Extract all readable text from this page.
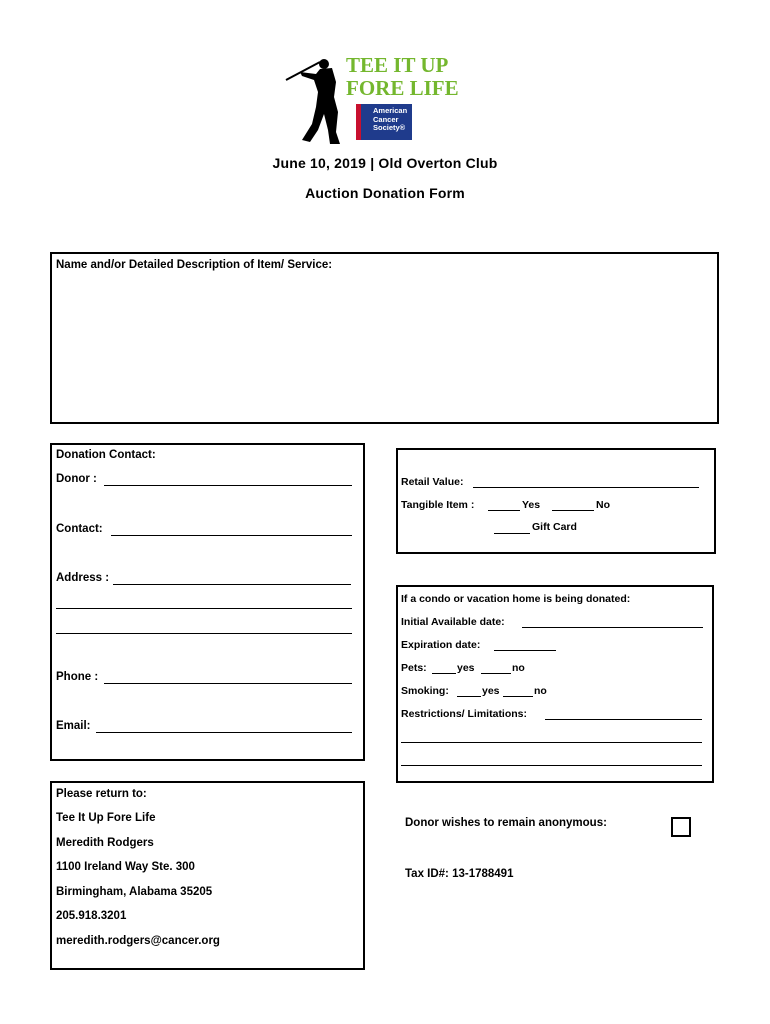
TEE IT UP
FORE LIFE
American
Cancer
Society®
June 10, 2019 | Old Overton Club
Auction Donation Form
Name and/or Detailed Description of Item/ Service:
Donation Contact:
Donor :
Contact:
Address :
Phone :
Email:
Retail Value:
Tangible Item :	Yes	No
Gift Card
If a condo or vacation home is being donated:
Initial Available date:
Expiration date:
Pets:	yes	no
Smoking:	yes	no
Restrictions/ Limitations:
Please return to:
Tee It Up Fore Life
Meredith Rodgers
1100 Ireland Way Ste. 300
Birmingham, Alabama 35205
205.918.3201
meredith.rodgers@cancer.org
Donor wishes to remain anonymous:
Tax ID#: 13-1788491
